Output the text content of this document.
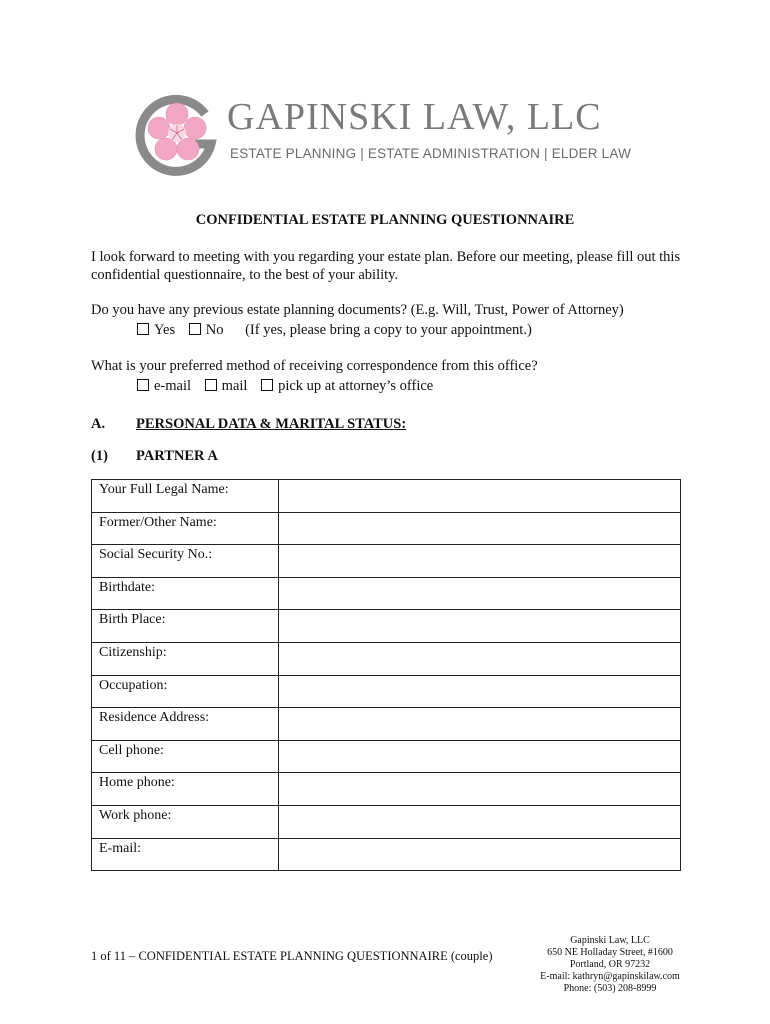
GAPINSKI LAW, LLC
ESTATE PLANNING | ESTATE ADMINISTRATION | ELDER LAW
CONFIDENTIAL ESTATE PLANNING QUESTIONNAIRE
I look forward to meeting with you regarding your estate plan. Before our meeting, please fill out this confidential questionnaire, to the best of your ability.
Do you have any previous estate planning documents? (E.g. Will, Trust, Power of Attorney)
Yes No (If yes, please bring a copy to your appointment.)
What is your preferred method of receiving correspondence from this office?
e-mail mail pick up at attorney’s office
A. PERSONAL DATA & MARITAL STATUS:
(1) PARTNER A
Your Full Legal Name:	
Former/Other Name:	
Social Security No.:	
Birthdate:	
Birth Place:	
Citizenship:	
Occupation:	
Residence Address:	
Cell phone:	
Home phone:	
Work phone:	
E-mail:	
1 of 11 – CONFIDENTIAL ESTATE PLANNING QUESTIONNAIRE (couple)
Gapinski Law, LLC
650 NE Holladay Street, #1600
Portland, OR 97232
E-mail: kathryn@gapinskilaw.com
Phone: (503) 208-8999
